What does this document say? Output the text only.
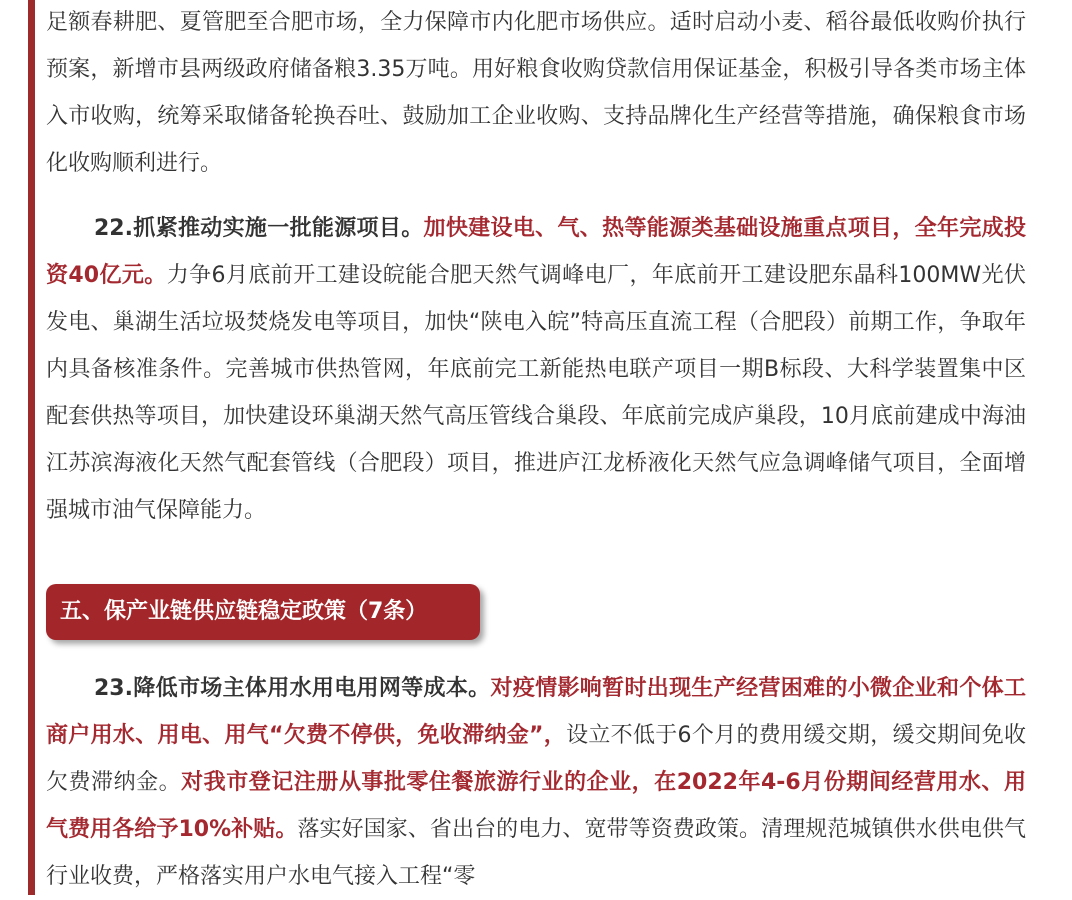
足额春耕肥、夏管肥至合肥市场，全力保障市内化肥市场供应。适时启动小麦、稻谷最低收购价执行预案，新增市县两级政府储备粮3.35万吨。用好粮食收购贷款信用保证基金，积极引导各类市场主体入市收购，统筹采取储备轮换吞吐、鼓励加工企业收购、支持品牌化生产经营等措施，确保粮食市场化收购顺利进行。

22.抓紧推动实施一批能源项目。加快建设电、气、热等能源类基础设施重点项目，全年完成投资40亿元。力争6月底前开工建设皖能合肥天然气调峰电厂，年底前开工建设肥东晶科100MW光伏发电、巢湖生活垃圾焚烧发电等项目，加快“陕电入皖”特高压直流工程（合肥段）前期工作，争取年内具备核准条件。完善城市供热管网，年底前完工新能热电联产项目一期B标段、大科学装置集中区配套供热等项目，加快建设环巢湖天然气高压管线合巢段、年底前完成庐巢段，10月底前建成中海油江苏滨海液化天然气配套管线（合肥段）项目，推进庐江龙桥液化天然气应急调峰储气项目，全面增强城市油气保障能力。

五、保产业链供应链稳定政策（7条）

23.降低市场主体用水用电用网等成本。对疫情影响暂时出现生产经营困难的小微企业和个体工商户用水、用电、用气“欠费不停供，免收滞纳金”，设立不低于6个月的费用缓交期，缓交期间免收欠费滞纳金。对我市登记注册从事批零住餐旅游行业的企业，在2022年4-6月份期间经营用水、用气费用各给予10%补贴。落实好国家、省出台的电力、宽带等资费政策。清理规范城镇供水供电供气行业收费，严格落实用户水电气接入工程“零
